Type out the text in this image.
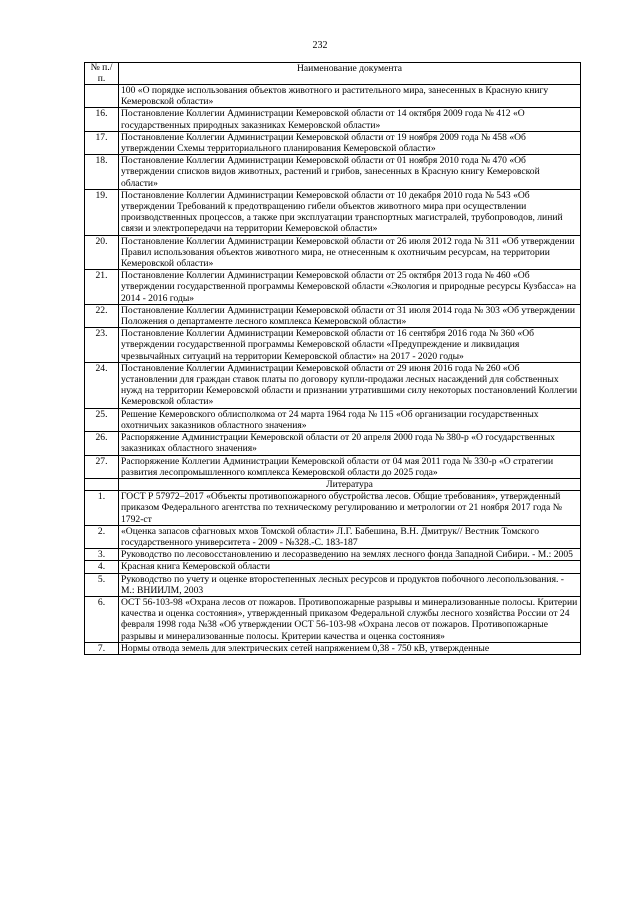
232
№ п./п.	Наименование документа
	100 «О порядке использования объектов животного и растительного мира, занесенных в Красную книгу Кемеровской области»
16.	Постановление Коллегии Администрации Кемеровской области от 14 октября 2009 года № 412 «О государственных природных заказниках Кемеровской области»
17.	Постановление Коллегии Администрации Кемеровской области от 19 ноября 2009 года № 458 «Об утверждении Схемы территориального планирования Кемеровской области»
18.	Постановление Коллегии Администрации Кемеровской области от 01 ноября 2010 года № 470 «Об утверждении списков видов животных, растений и грибов, занесенных в Красную книгу Кемеровской области»
19.	Постановление Коллегии Администрации Кемеровской области от 10 декабря 2010 года № 543 «Об утверждении Требований к предотвращению гибели объектов животного мира при осуществлении производственных процессов, а также при эксплуатации транспортных магистралей, трубопроводов, линий связи и электропередачи на территории Кемеровской области»
20.	Постановление Коллегии Администрации Кемеровской области от 26 июля 2012 года № 311 «Об утверждении Правил использования объектов животного мира, не отнесенным к охотничьим ресурсам, на территории Кемеровской области»
21.	Постановление Коллегии Администрации Кемеровской области от 25 октября 2013 года № 460 «Об утверждении государственной программы Кемеровской области «Экология и природные ресурсы Кузбасса» на 2014 - 2016 годы»
22.	Постановление Коллегии Администрации Кемеровской области от 31 июля 2014 года № 303 «Об утверждении Положения о департаменте лесного комплекса Кемеровской области»
23.	Постановление Коллегии Администрации Кемеровской области от 16 сентября 2016 года № 360 «Об утверждении государственной программы Кемеровской области «Предупреждение и ликвидация чрезвычайных ситуаций на территории Кемеровской области» на 2017 - 2020 годы»
24.	Постановление Коллегии Администрации Кемеровской области от 29 июня 2016 года № 260 «Об установлении для граждан ставок платы по договору купли-продажи лесных насаждений для собственных нужд на территории Кемеровской области и признании утратившими силу некоторых постановлений Коллегии Кемеровской области»
25.	Решение Кемеровского облисполкома от 24 марта 1964 года № 115 «Об организации государственных охотничьих заказников областного значения»
26.	Распоряжение Администрации Кемеровской области от 20 апреля 2000 года № 380-р «О государственных заказниках областного значения»
27.	Распоряжение Коллегии Администрации Кемеровской области от 04 мая 2011 года № 330-р «О стратегии развития лесопромышленного комплекса Кемеровской области до 2025 года»
	Литература
1.	ГОСТ Р 57972–2017 «Объекты противопожарного обустройства лесов. Общие требования», утвержденный приказом Федерального агентства по техническому регулированию и метрологии от 21 ноября 2017 года № 1792-ст
2.	«Оценка запасов сфагновых мхов Томской области» Л.Г. Бабешина, В.Н. Дмитрук// Вестник Томского государственного университета - 2009 - №328.-С. 183-187
3.	Руководство по лесовосстановлению и лесоразведению на землях лесного фонда Западной Сибири. - М.: 2005
4.	Красная книга Кемеровской области
5.	Руководство по учету и оценке второстепенных лесных ресурсов и продуктов побочного лесопользования. - М.: ВНИИЛМ, 2003
6.	ОСТ 56-103-98 «Охрана лесов от пожаров. Противопожарные разрывы и минерализованные полосы. Критерии качества и оценка состояния», утвержденный приказом Федеральной службы лесного хозяйства России от 24 февраля 1998 года №38 «Об утверждении ОСТ 56-103-98 «Охрана лесов от пожаров. Противопожарные разрывы и минерализованные полосы. Критерии качества и оценка состояния»
7.	Нормы отвода земель для электрических сетей напряжением 0,38 - 750 кВ, утвержденные
